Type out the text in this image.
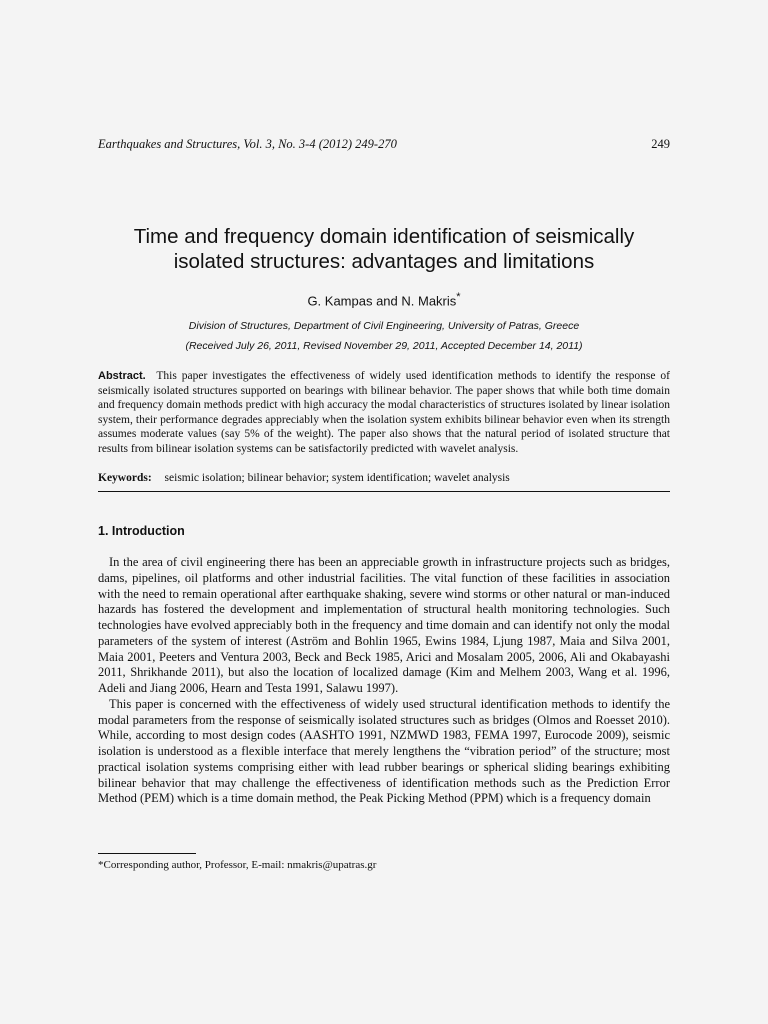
Earthquakes and Structures, Vol. 3, No. 3-4 (2012) 249-270	249
Time and frequency domain identification of seismically
isolated structures: advantages and limitations
G. Kampas and N. Makris*
Division of Structures, Department of Civil Engineering, University of Patras, Greece
(Received July 26, 2011, Revised November 29, 2011, Accepted December 14, 2011)
Abstract. This paper investigates the effectiveness of widely used identification methods to identify the response of seismically isolated structures supported on bearings with bilinear behavior. The paper shows that while both time domain and frequency domain methods predict with high accuracy the modal characteristics of structures isolated by linear isolation system, their performance degrades appreciably when the isolation system exhibits bilinear behavior even when its strength assumes moderate values (say 5% of the weight). The paper also shows that the natural period of isolated structure that results from bilinear isolation systems can be satisfactorily predicted with wavelet analysis.
Keywords: seismic isolation; bilinear behavior; system identification; wavelet analysis
1. Introduction

In the area of civil engineering there has been an appreciable growth in infrastructure projects such as bridges, dams, pipelines, oil platforms and other industrial facilities. The vital function of these facilities in association with the need to remain operational after earthquake shaking, severe wind storms or other natural or man-induced hazards has fostered the development and implementation of structural health monitoring technologies. Such technologies have evolved appreciably both in the frequency and time domain and can identify not only the modal parameters of the system of interest (Aström and Bohlin 1965, Ewins 1984, Ljung 1987, Maia and Silva 2001, Maia 2001, Peeters and Ventura 2003, Beck and Beck 1985, Arici and Mosalam 2005, 2006, Ali and Okabayashi 2011, Shrikhande 2011), but also the location of localized damage (Kim and Melhem 2003, Wang et al. 1996, Adeli and Jiang 2006, Hearn and Testa 1991, Salawu 1997).

This paper is concerned with the effectiveness of widely used structural identification methods to identify the modal parameters from the response of seismically isolated structures such as bridges (Olmos and Roesset 2010). While, according to most design codes (AASHTO 1991, NZMWD 1983, FEMA 1997, Eurocode 2009), seismic isolation is understood as a flexible interface that merely lengthens the “vibration period” of the structure; most practical isolation systems comprising either with lead rubber bearings or spherical sliding bearings exhibiting bilinear behavior that may challenge the effectiveness of identification methods such as the Prediction Error Method (PEM) which is a time domain method, the Peak Picking Method (PPM) which is a frequency domain

*Corresponding author, Professor, E-mail: nmakris@upatras.gr
